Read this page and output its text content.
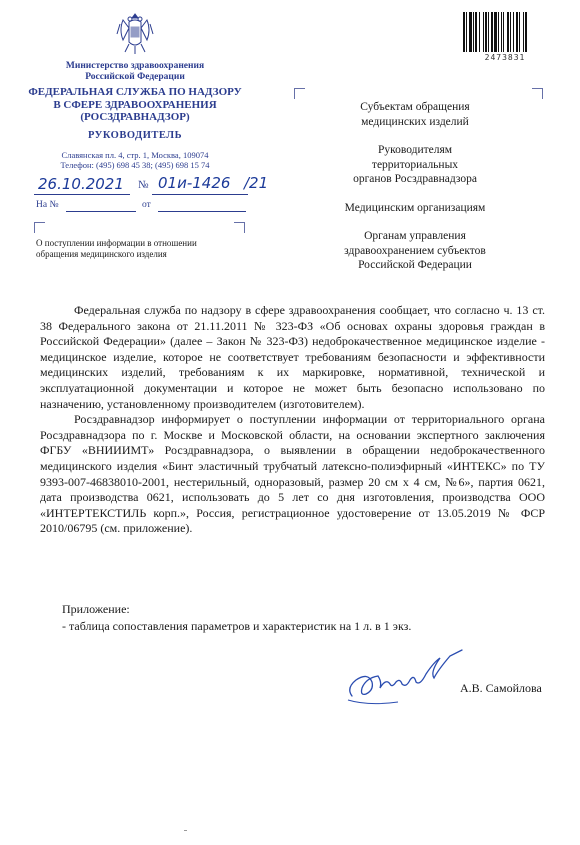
Министерство здравоохранения
Российской Федерации
ФЕДЕРАЛЬНАЯ СЛУЖБА ПО НАДЗОРУ
В СФЕРЕ ЗДРАВООХРАНЕНИЯ
(РОСЗДРАВНАДЗОР)
РУКОВОДИТЕЛЬ
Славянская пл. 4, стр. 1, Москва, 109074
Телефон: (495) 698 45 38; (495) 698 15 74
26.10.2021 № 01и-1426 /21
На №	от
О поступлении информации в отношении
обращения медицинского изделия
2473831
Субъектам обращения
медицинских изделий
Руководителям
территориальных
органов Росздравнадзора
Медицинским организациям
Органам управления
здравоохранением субъектов
Российской Федерации

Федеральная служба по надзору в сфере здравоохранения сообщает, что согласно ч. 13 ст. 38 Федерального закона от 21.11.2011 № 323-ФЗ «Об основах охраны здоровья граждан в Российской Федерации» (далее – Закон № 323-ФЗ) недоброкачественное медицинское изделие - медицинское изделие, которое не соответствует требованиям безопасности и эффективности медицинских изделий, требованиям к их маркировке, нормативной, технической и эксплуатационной документации и которое не может быть безопасно использовано по назначению, установленному производителем (изготовителем).

Росздравнадзор информирует о поступлении информации от территориального органа Росздравнадзора по г. Москве и Московской области, на основании экспертного заключения ФГБУ «ВНИИИМТ» Росздравнадзора, о выявлении в обращении недоброкачественного медицинского изделия «Бинт эластичный трубчатый латексно-полиэфирный «ИНТЕКС» по ТУ 9393-007-46838010-2001, нестерильный, одноразовый, размер 20 см х 4 см, №6», партия 0621, дата производства 0621, использовать до 5 лет со дня изготовления, производства ООО «ИНТЕРТЕКСТИЛЬ корп.», Россия, регистрационное удостоверение от 13.05.2019 № ФСР 2010/06795 (см. приложение).

Приложение:
- таблица сопоставления параметров и характеристик на 1 л. в 1 экз.
А.В. Самойлова
